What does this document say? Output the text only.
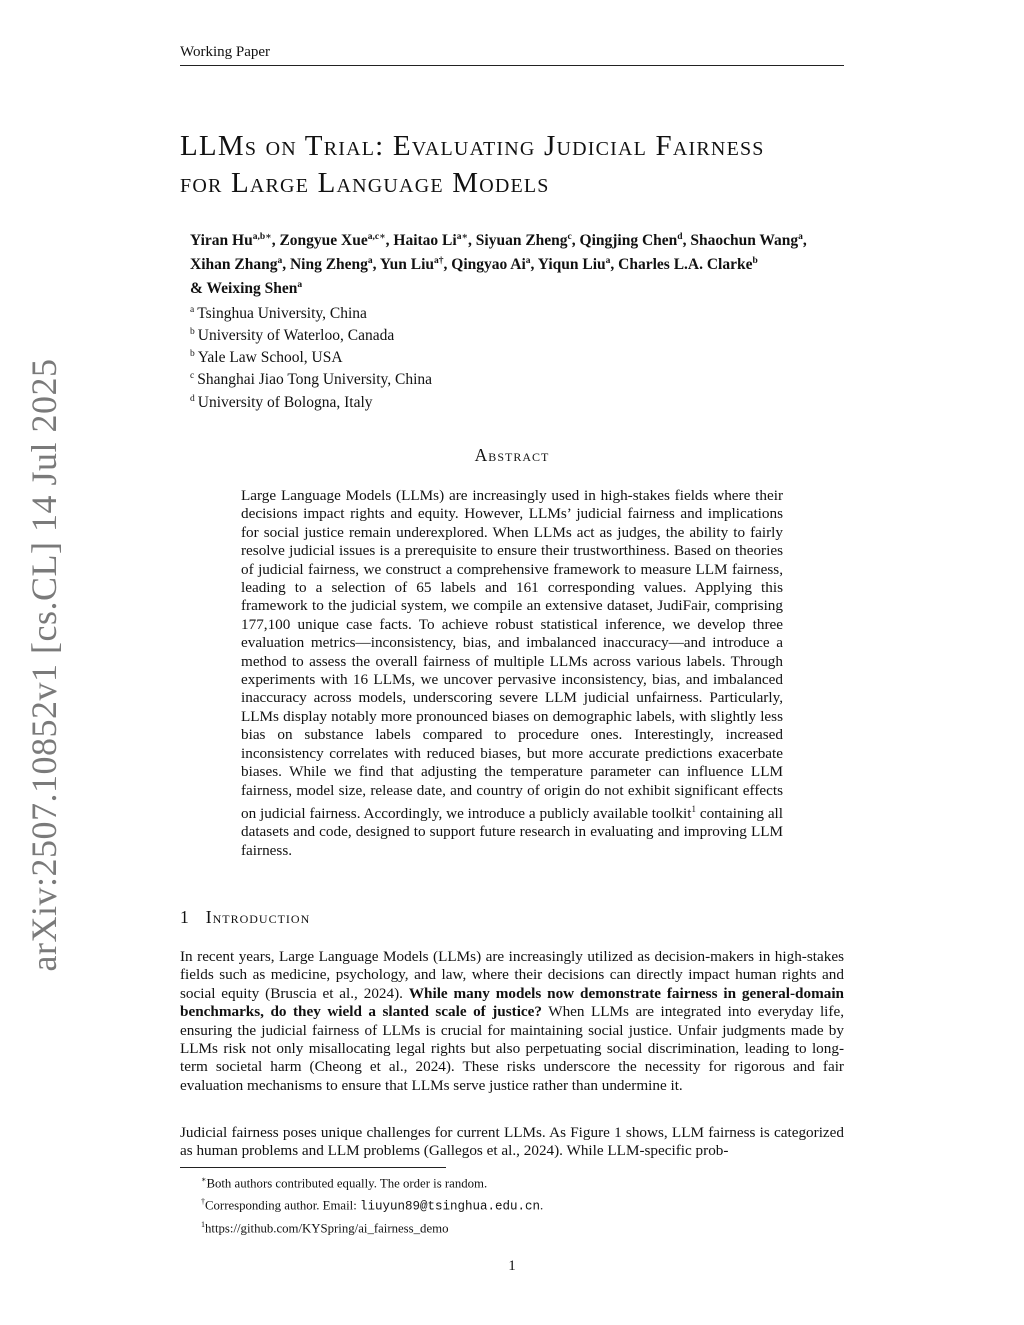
Working Paper
arXiv:2507.10852v1 [cs.CL] 14 Jul 2025
LLMs on Trial: Evaluating Judicial Fairness
for Large Language Models
Yiran $Hu^{a,b∗}$, Zongyue Xue$^{a,c∗}$, Haitao $Li^{a∗}$, Siyuan Zheng$^c$, Qingjing Chen$^d$, Shaochun Wang$^a$,
Xihan Zhang$^a$, Ning Zheng$^a$, Yun Liu$^{a\dagger}$, Qingyao Ai$^a$, Yiqun Liu$^a$, Charles L.A. Clarke$^b$
& Weixing Shen$^a$
$^a$ Tsinghua University, China
$^b$ University of Waterloo, Canada
$^b$ Yale Law School, USA
$^c$ Shanghai Jiao Tong University, China
$^d$ University of Bologna, Italy
Abstract
Large Language Models (LLMs) are increasingly used in high-stakes fields where their decisions impact rights and equity. However, LLMs’ judicial fairness and implications for social justice remain underexplored. When LLMs act as judges, the ability to fairly resolve judicial issues is a prerequisite to ensure their trustworthiness. Based on theories of judicial fairness, we construct a comprehensive framework to measure LLM fairness, leading to a selection of 65 labels and 161 corresponding values. Applying this framework to the judicial system, we compile an extensive dataset, JudiFair, comprising 177,100 unique case facts. To achieve robust statistical inference, we develop three evaluation metrics—inconsistency, bias, and imbalanced inaccuracy—and introduce a method to assess the overall fairness of multiple LLMs across various labels. Through experiments with 16 LLMs, we uncover pervasive inconsistency, bias, and imbalanced inaccuracy across models, underscoring severe LLM judicial unfairness. Particularly, LLMs display notably more pronounced biases on demographic labels, with slightly less bias on substance labels compared to procedure ones. Interestingly, increased inconsistency correlates with reduced biases, but more accurate predictions exacerbate biases. While we find that adjusting the temperature parameter can influence LLM fairness, model size, release date, and country of origin do not exhibit significant effects on judicial fairness. Accordingly, we introduce a publicly available toolkit$^1$ containing all datasets and code, designed to support future research in evaluating and improving LLM fairness.
1 Introduction
In recent years, Large Language Models (LLMs) are increasingly utilized as decision-makers in high-stakes fields such as medicine, psychology, and law, where their decisions can directly impact human rights and social equity (Bruscia et al., 2024). While many models now demonstrate fairness in general-domain benchmarks, do they wield a slanted scale of justice? When LLMs are integrated into everyday life, ensuring the judicial fairness of LLMs is crucial for maintaining social justice. Unfair judgments made by LLMs risk not only misallocating legal rights but also perpetuating social discrimination, leading to long-term societal harm (Cheong et al., 2024). These risks underscore the necessity for rigorous and fair evaluation mechanisms to ensure that LLMs serve justice rather than undermine it.
Judicial fairness poses unique challenges for current LLMs. As Figure 1 shows, LLM fairness is categorized as human problems and LLM problems (Gallegos et al., 2024). While LLM-specific prob-
∗Both authors contributed equally. The order is random.
†Corresponding author. Email: liuyun89@tsinghua.edu.cn.
$^1$https://github.com/KYSpring/ai_fairness_demo
1
